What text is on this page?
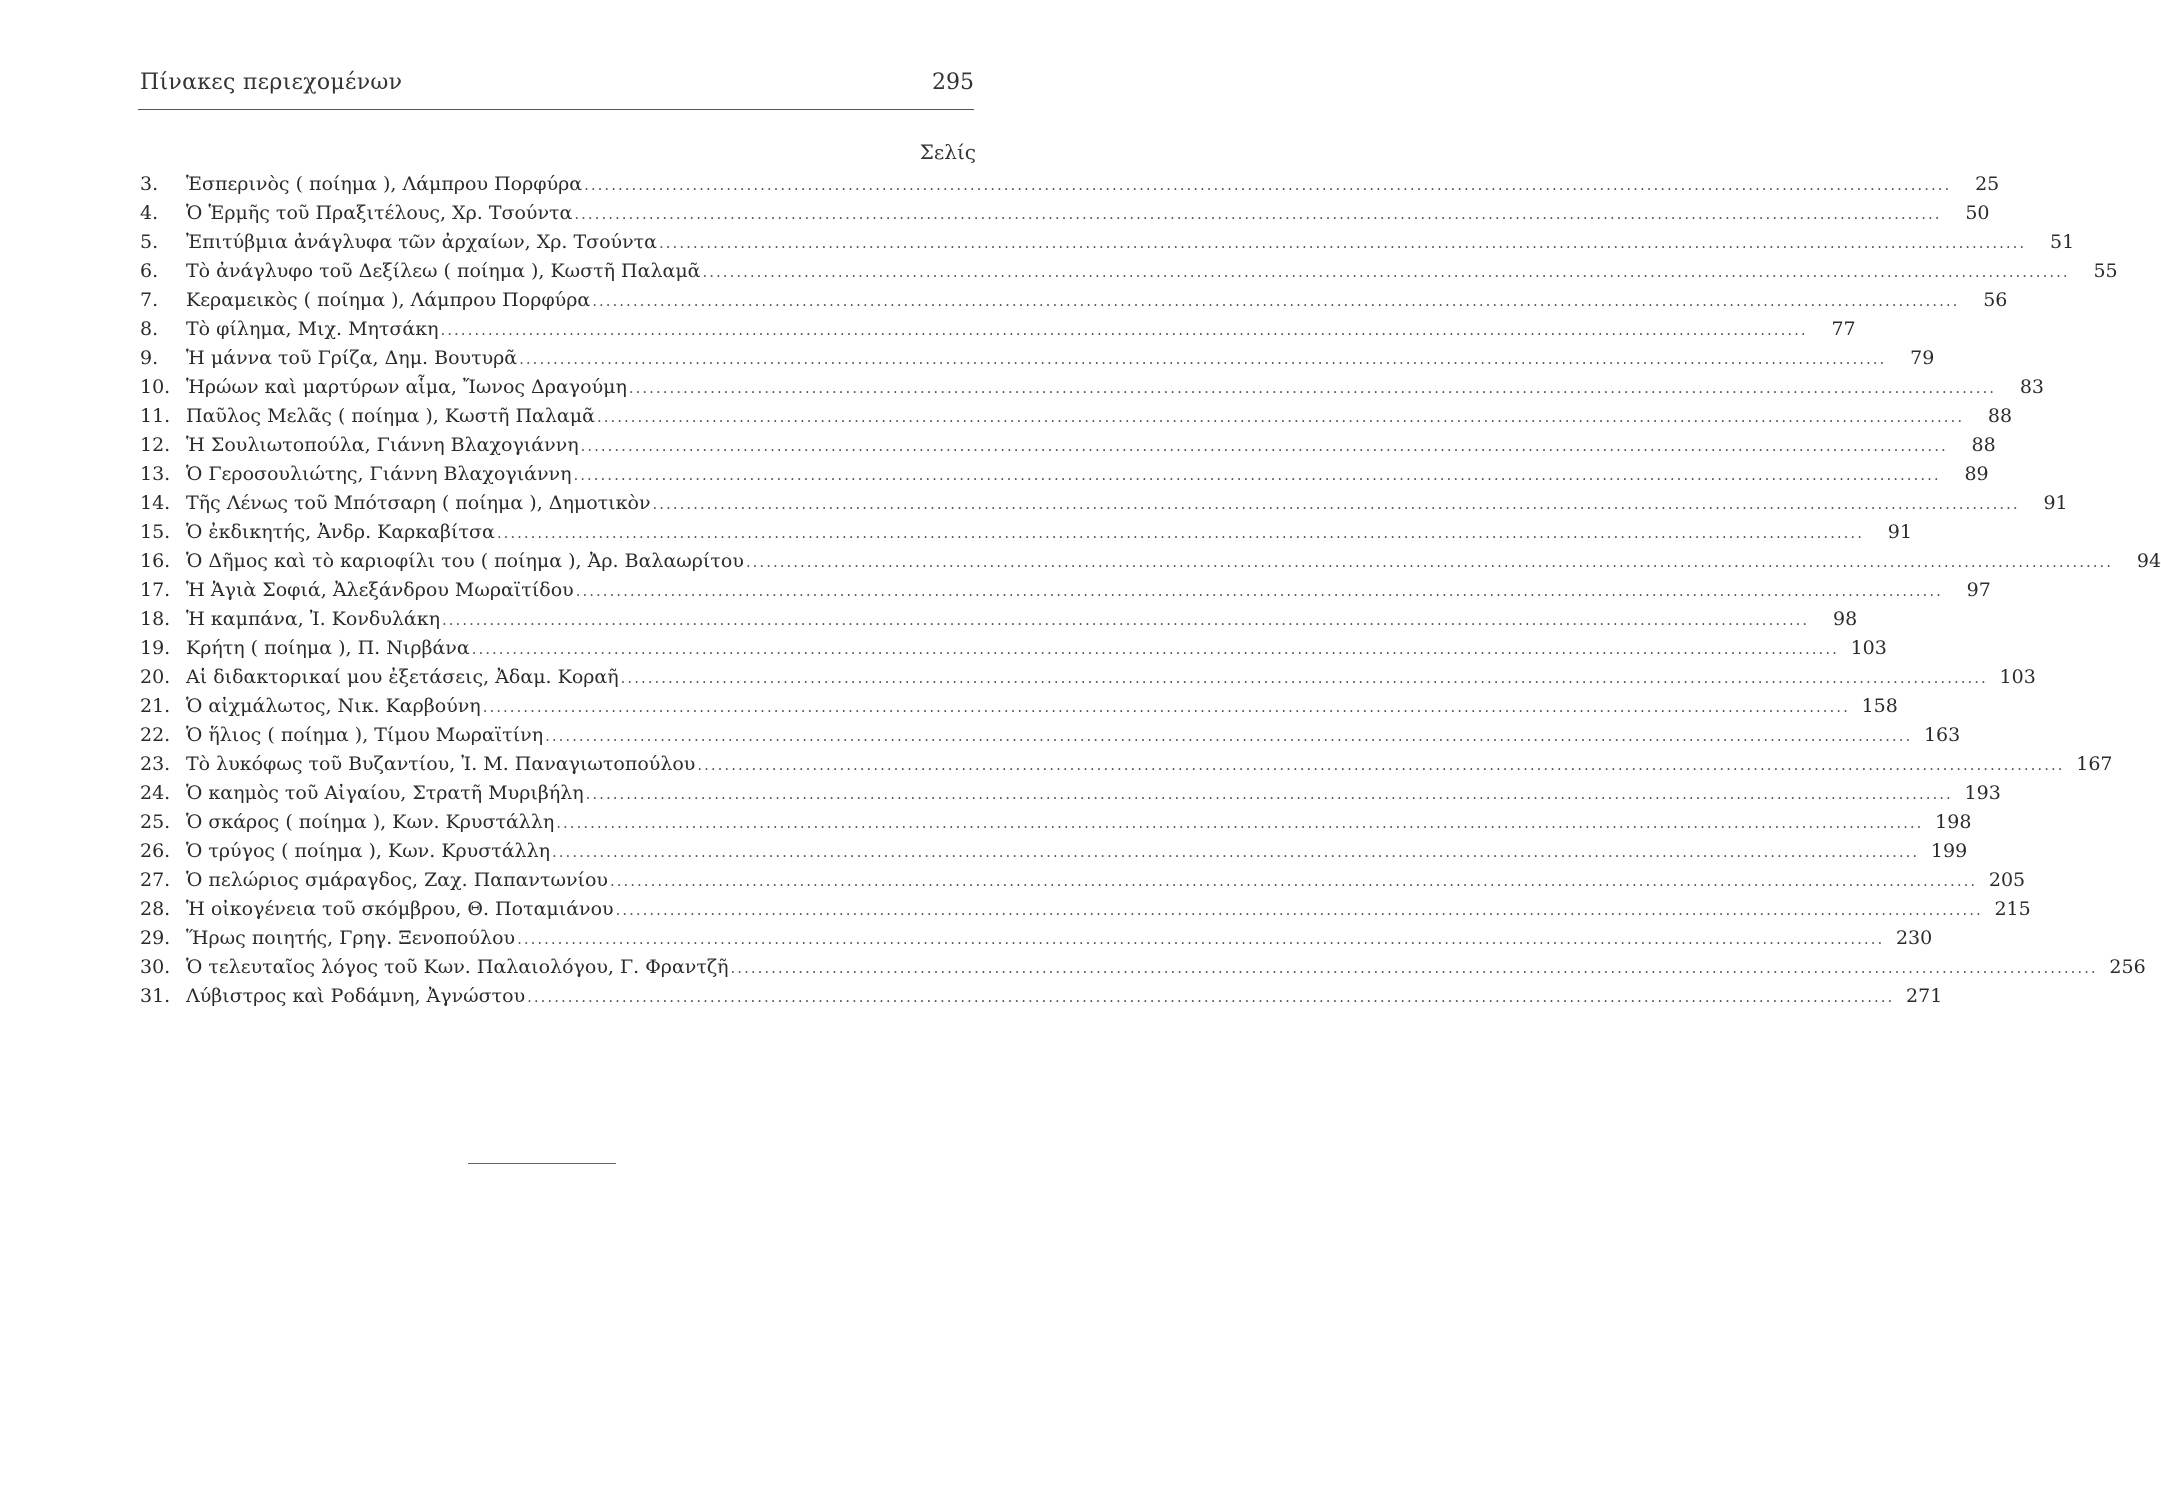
Πίνακες περιεχομένων	295
Σελίς
3.	Ἑσπερινὸς ( ποίημα ), Λάμπρου Πορφύρα .....	25
4.	Ὁ Ἑρμῆς τοῦ Πραξιτέλους, Χρ. Τσούντα .....	50
5.	Ἐπιτύβμια ἀνάγλυφα τῶν ἀρχαίων, Χρ. Τσούντα .....	51
6.	Τὸ ἀνάγλυφο τοῦ Δεξίλεω ( ποίημα ), Κωστῆ Παλαμᾶ .....	55
7.	Κεραμεικὸς ( ποίημα ), Λάμπρου Πορφύρα .....	56
8.	Τὸ φίλημα, Μιχ. Μητσάκη .....	77
9.	Ἡ μάννα τοῦ Γρίζα, Δημ. Βουτυρᾶ .....	79
10. Ἡρώων καὶ μαρτύρων αἷμα, Ἴωνος Δραγούμη .....	83
11. Παῦλος Μελᾶς ( ποίημα ), Κωστῆ Παλαμᾶ .....	88
12. Ἡ Σουλιωτοπούλα, Γιάννη Βλαχογιάννη .....	88
13. Ὁ Γεροσουλιώτης, Γιάννη Βλαχογιάννη .....	89
14. Τῆς Λένως τοῦ Μπότσαρη ( ποίημα ), Δημοτικὸν .....	91
15. Ὁ ἐκδικητής, Ἀνδρ. Καρκαβίτσα .....	91
16. Ὁ Δῆμος καὶ τὸ καριοφίλι του ( ποίημα ), Ἀρ. Βαλαωρίτου .....	94
17. Ἡ Ἁγιὰ Σοφιά, Ἀλεξάνδρου Μωραϊτίδου .....	97
18. Ἡ καμπάνα, Ἰ. Κονδυλάκη .....	98
19. Κρήτη ( ποίημα ), Π. Νιρβάνα .....	103
20. Αἱ διδακτορικαί μου ἐξετάσεις, Ἀδαμ. Κοραῆ .....	103
21. Ὁ αἰχμάλωτος, Νικ. Καρβούνη .....	158
22. Ὁ ἥλιος ( ποίημα ), Τίμου Μωραϊτίνη .....	163
23. Τὸ λυκόφως τοῦ Βυζαντίου, Ἰ. Μ. Παναγιωτοπούλου .....	167
24. Ὁ καημὸς τοῦ Αἰγαίου, Στρατῆ Μυριβήλη .....	193
25. Ὁ σκάρος ( ποίημα ), Κων. Κρυστάλλη .....	198
26. Ὁ τρύγος ( ποίημα ), Κων. Κρυστάλλη .....	199
27. Ὁ πελώριος σμάραγδος, Ζαχ. Παπαντωνίου .....	205
28. Ἡ οἰκογένεια τοῦ σκόμβρου, Θ. Ποταμιάνου .....	215
29. Ἥρως ποιητής, Γρηγ. Ξενοπούλου .....	230
30. Ὁ τελευταῖος λόγος τοῦ Κων. Παλαιολόγου, Γ. Φραντζῆ .....	256
31. Λύβιστρος καὶ Ροδάμνη, Ἀγνώστου .....	271
